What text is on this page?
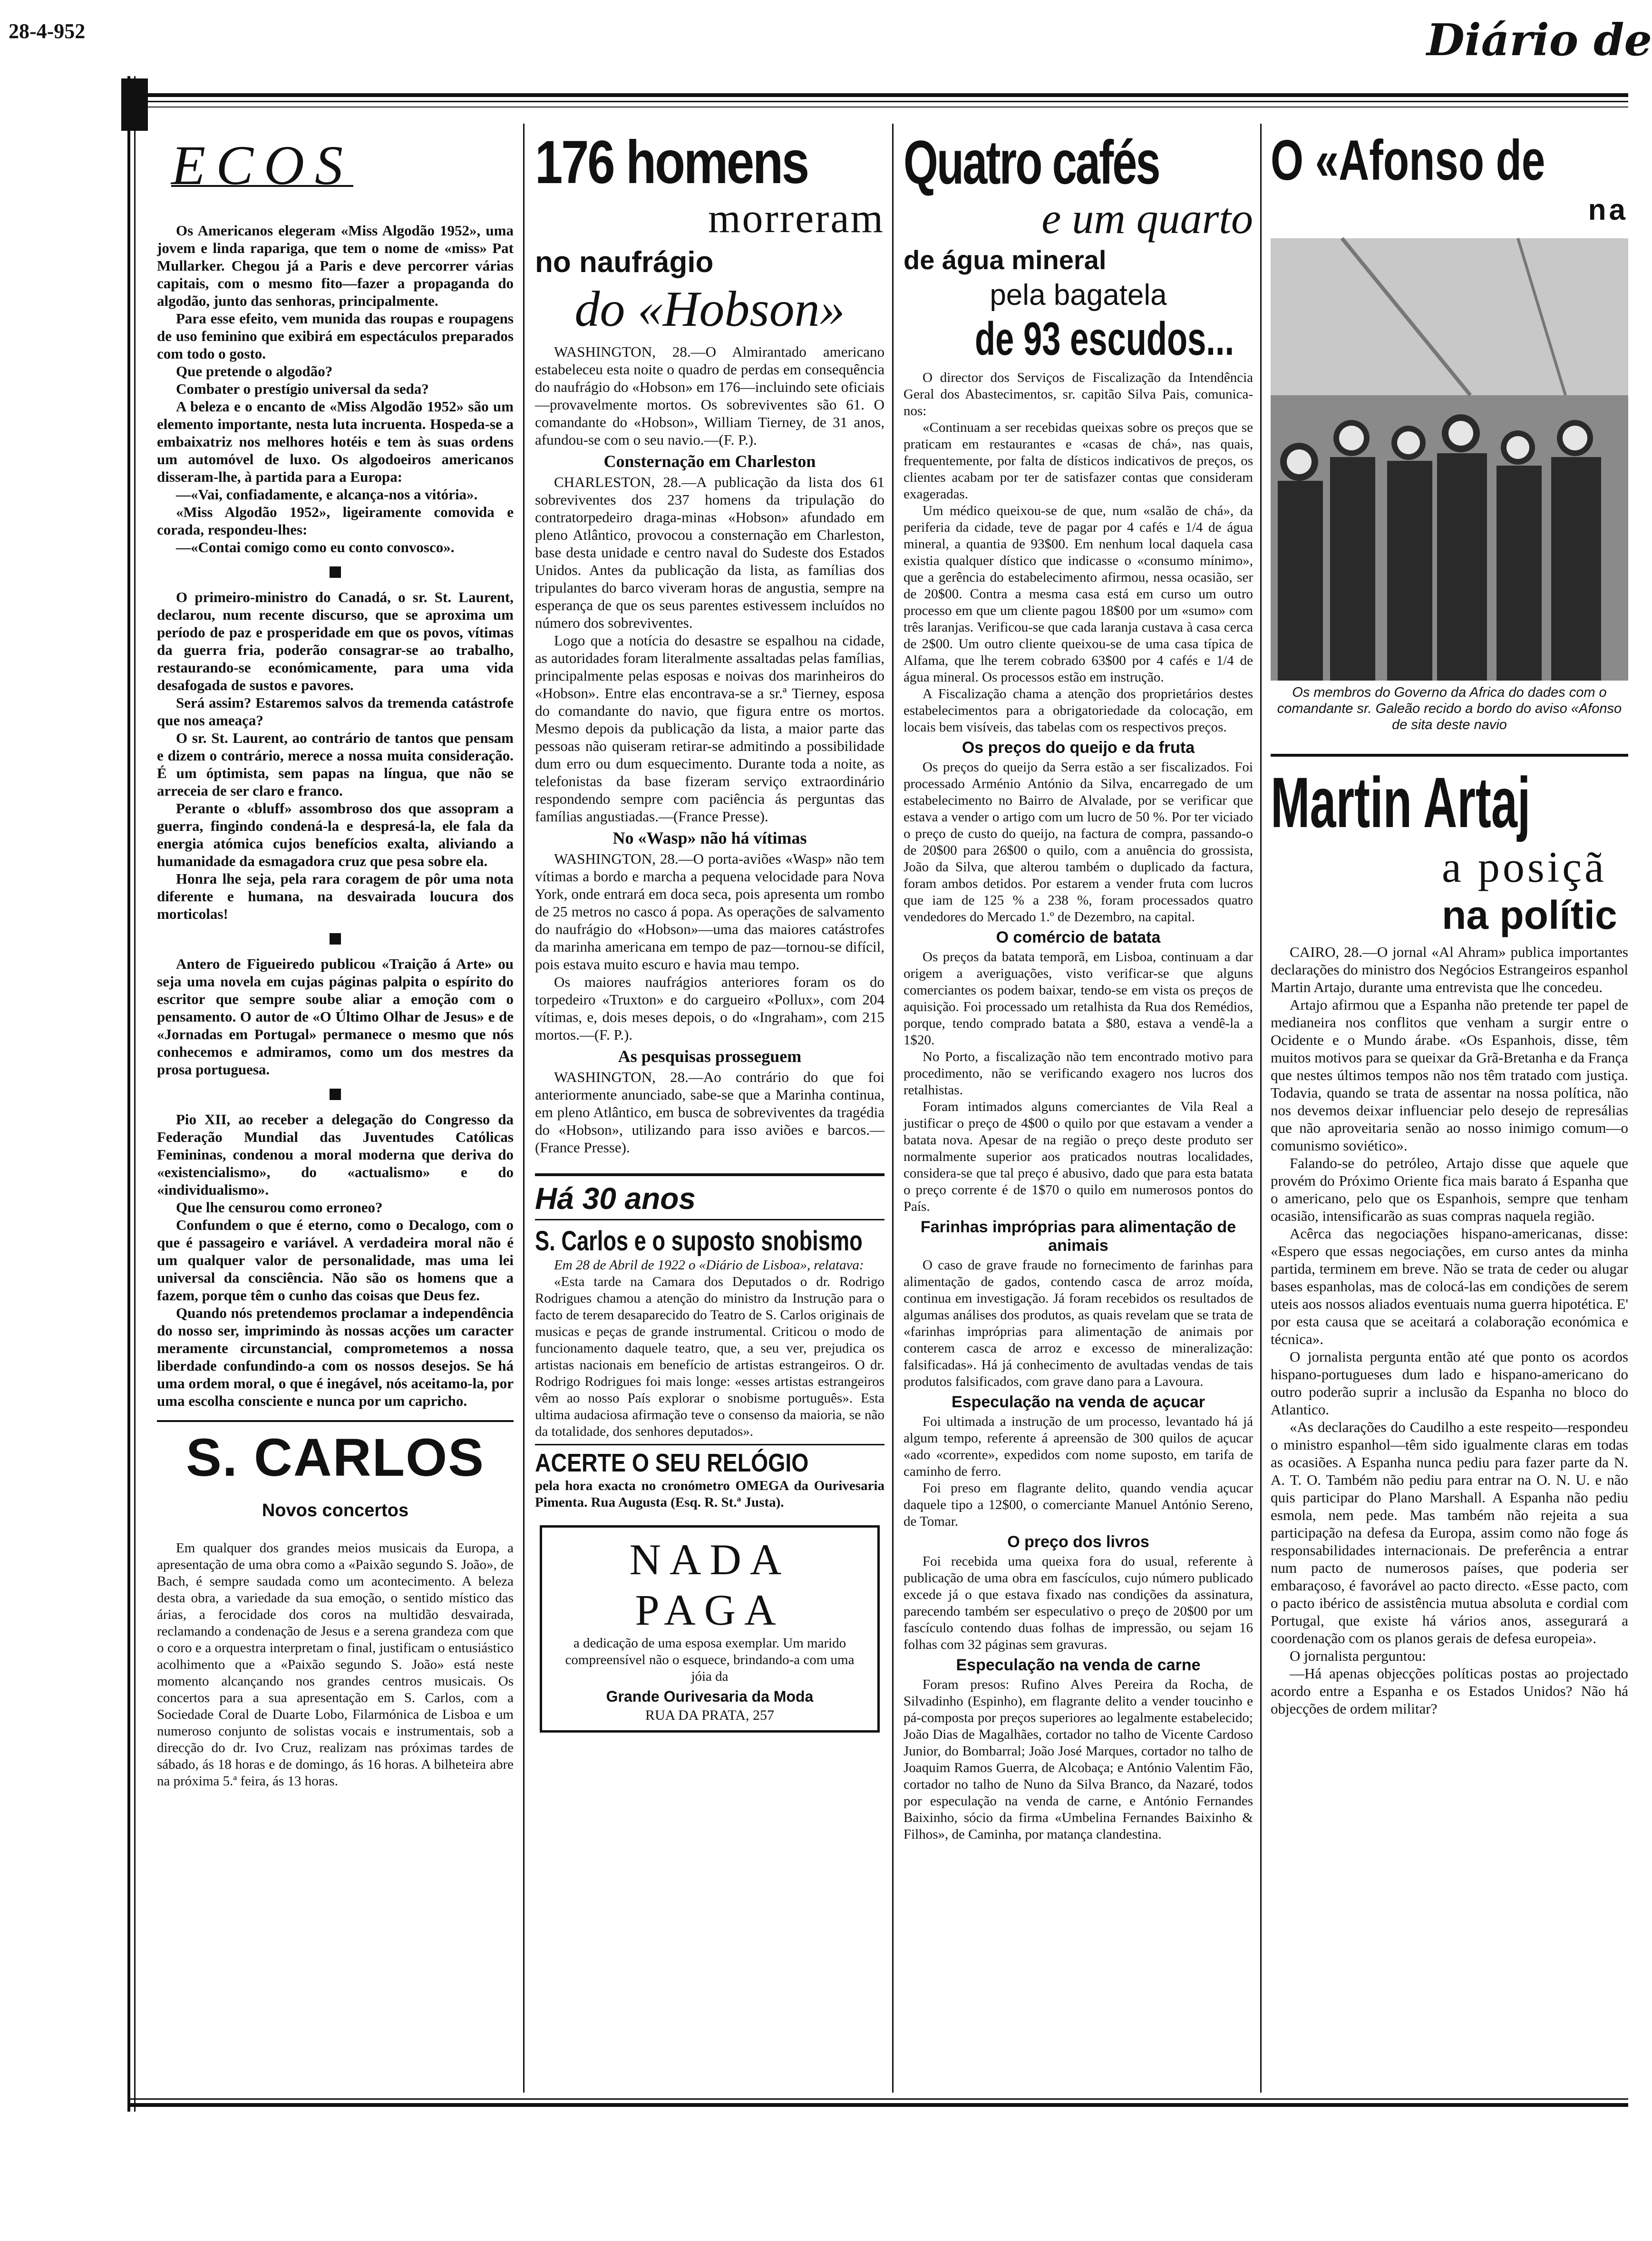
28-4-952	Diário de
ECOS

Os Americanos elegeram «Miss Algodão 1952», uma jovem e linda rapariga, que tem o nome de «miss» Pat Mullarker. Chegou já a Paris e deve percorrer várias capitais, com o mesmo fito—fazer a propaganda do algodão, junto das senhoras, principalmente.

Para esse efeito, vem munida das roupas e roupagens de uso feminino que exibirá em espectáculos preparados com todo o gosto.

Que pretende o algodão?

Combater o prestígio universal da seda?

A beleza e o encanto de «Miss Algodão 1952» são um elemento importante, nesta luta incruenta. Hospeda-se a embaixatriz nos melhores hotéis e tem às suas ordens um automóvel de luxo. Os algodoeiros americanos disseram-lhe, à partida para a Europa:

—«Vai, confiadamente, e alcança-nos a vitória».

«Miss Algodão 1952», ligeiramente comovida e corada, respondeu-lhes:

—«Contai comigo como eu conto convosco».

O primeiro-ministro do Canadá, o sr. St. Laurent, declarou, num recente discurso, que se aproxima um período de paz e prosperidade em que os povos, vítimas da guerra fria, poderão consagrar-se ao trabalho, restaurando-se económicamente, para uma vida desafogada de sustos e pavores.

Será assim? Estaremos salvos da tremenda catástrofe que nos ameaça?

O sr. St. Laurent, ao contrário de tantos que pensam e dizem o contrário, merece a nossa muita consideração. É um óptimista, sem papas na língua, que não se arreceia de ser claro e franco.

Perante o «bluff» assombroso dos que assopram a guerra, fingindo condená-la e despresá-la, ele fala da energia atómica cujos benefícios exalta, aliviando a humanidade da esmagadora cruz que pesa sobre ela.

Honra lhe seja, pela rara coragem de pôr uma nota diferente e humana, na desvairada loucura dos morticolas!

Antero de Figueiredo publicou «Traição á Arte» ou seja uma novela em cujas páginas palpita o espírito do escritor que sempre soube aliar a emoção com o pensamento. O autor de «O Último Olhar de Jesus» e de «Jornadas em Portugal» permanece o mesmo que nós conhecemos e admiramos, como um dos mestres da prosa portuguesa.

Pio XII, ao receber a delegação do Congresso da Federação Mundial das Juventudes Católicas Femininas, condenou a moral moderna que deriva do «existencialismo», do «actualismo» e do «individualismo».

Que lhe censurou como erroneo?

Confundem o que é eterno, como o Decalogo, com o que é passageiro e variável. A verdadeira moral não é um qualquer valor de personalidade, mas uma lei universal da consciência. Não são os homens que a fazem, porque têm o cunho das coisas que Deus fez.

Quando nós pretendemos proclamar a independência do nosso ser, imprimindo às nossas acções um caracter meramente circunstancial, comprometemos a nossa liberdade confundindo-a com os nossos desejos. Se há uma ordem moral, o que é inegável, nós aceitamo-la, por uma escolha consciente e nunca por um capricho.

S. CARLOS
Novos concertos

Em qualquer dos grandes meios musicais da Europa, a apresentação de uma obra como a «Paixão segundo S. João», de Bach, é sempre saudada como um acontecimento. A beleza desta obra, a variedade da sua emoção, o sentido místico das árias, a ferocidade dos coros na multidão desvairada, reclamando a condenação de Jesus e a serena grandeza com que o coro e a orquestra interpretam o final, justificam o entusiástico acolhimento que a «Paixão segundo S. João» está neste momento alcançando nos grandes centros musicais. Os concertos para a sua apresentação em S. Carlos, com a Sociedade Coral de Duarte Lobo, Filarmónica de Lisboa e um numeroso conjunto de solistas vocais e instrumentais, sob a direcção do dr. Ivo Cruz, realizam nas próximas tardes de sábado, ás 18 horas e de domingo, ás 16 horas. A bilheteira abre na próxima 5.ª feira, ás 13 horas.

176 homens
morreram
no naufrágio
do «Hobson»

WASHINGTON, 28.—O Almirantado americano estabeleceu esta noite o quadro de perdas em consequência do naufrágio do «Hobson» em 176—incluindo sete oficiais—provavelmente mortos. Os sobreviventes são 61. O comandante do «Hobson», William Tierney, de 31 anos, afundou-se com o seu navio.—(F. P.).

Consternação em Charleston

CHARLESTON, 28.—A publicação da lista dos 61 sobreviventes dos 237 homens da tripulação do contratorpedeiro draga-minas «Hobson» afundado em pleno Atlântico, provocou a consternação em Charleston, base desta unidade e centro naval do Sudeste dos Estados Unidos. Antes da publicação da lista, as famílias dos tripulantes do barco viveram horas de angustia, sempre na esperança de que os seus parentes estivessem incluídos no número dos sobreviventes.

Logo que a notícia do desastre se espalhou na cidade, as autoridades foram literalmente assaltadas pelas famílias, principalmente pelas esposas e noivas dos marinheiros do «Hobson». Entre elas encontrava-se a sr.ª Tierney, esposa do comandante do navio, que figura entre os mortos. Mesmo depois da publicação da lista, a maior parte das pessoas não quiseram retirar-se admitindo a possibilidade dum erro ou dum esquecimento. Durante toda a noite, as telefonistas da base fizeram serviço extraordinário respondendo sempre com paciência ás perguntas das famílias angustiadas.—(France Presse).

No «Wasp» não há vítimas

WASHINGTON, 28.—O porta-aviões «Wasp» não tem vítimas a bordo e marcha a pequena velocidade para Nova York, onde entrará em doca seca, pois apresenta um rombo de 25 metros no casco á popa. As operações de salvamento do naufrágio do «Hobson»—uma das maiores catástrofes da marinha americana em tempo de paz—tornou-se difícil, pois estava muito escuro e havia mau tempo.

Os maiores naufrágios anteriores foram os do torpedeiro «Truxton» e do cargueiro «Pollux», com 204 vítimas, e, dois meses depois, o do «Ingraham», com 215 mortos.—(F. P.).

As pesquisas prosseguem

WASHINGTON, 28.—Ao contrário do que foi anteriormente anunciado, sabe-se que a Marinha continua, em pleno Atlântico, em busca de sobreviventes da tragédia do «Hobson», utilizando para isso aviões e barcos.—(France Presse).

Há 30 anos
S. Carlos e o suposto snobismo

Em 28 de Abril de 1922 o «Diário de Lisboa», relatava:

«Esta tarde na Camara dos Deputados o dr. Rodrigo Rodrigues chamou a atenção do ministro da Instrução para o facto de terem desaparecido do Teatro de S. Carlos originais de musicas e peças de grande instrumental. Criticou o modo de funcionamento daquele teatro, que, a seu ver, prejudica os artistas nacionais em benefício de artistas estrangeiros. O dr. Rodrigo Rodrigues foi mais longe: «esses artistas estrangeiros vêm ao nosso País explorar o snobisme português». Esta ultima audaciosa afirmação teve o consenso da maioria, se não da totalidade, dos senhores deputados».

ACERTE O SEU RELÓGIO

pela hora exacta no cronómetro OMEGA da Ourivesaria Pimenta. Rua Augusta (Esq. R. St.ª Justa).

NADA PAGA

a dedicação de uma esposa exemplar. Um marido compreensível não o esquece, brindando-a com uma jóia da

Grande Ourivesaria da Moda
RUA DA PRATA, 257
Quatro cafés
e um quarto
de água mineral
pela bagatela
de 93 escudos...

O director dos Serviços de Fiscalização da Intendência Geral dos Abastecimentos, sr. capitão Silva Pais, comunica-nos:

«Continuam a ser recebidas queixas sobre os preços que se praticam em restaurantes e «casas de chá», nas quais, frequentemente, por falta de dísticos indicativos de preços, os clientes acabam por ter de satisfazer contas que consideram exageradas.

Um médico queixou-se de que, num «salão de chá», da periferia da cidade, teve de pagar por 4 cafés e 1/4 de água mineral, a quantia de 93$00. Em nenhum local daquela casa existia qualquer dístico que indicasse o «consumo mínimo», que a gerência do estabelecimento afirmou, nessa ocasião, ser de 20$00. Contra a mesma casa está em curso um outro processo em que um cliente pagou 18$00 por um «sumo» com três laranjas. Verificou-se que cada laranja custava à casa cerca de 2$00. Um outro cliente queixou-se de uma casa típica de Alfama, que lhe terem cobrado 63$00 por 4 cafés e 1/4 de água mineral. Os processos estão em instrução.

A Fiscalização chama a atenção dos proprietários destes estabelecimentos para a obrigatoriedade da colocação, em locais bem visíveis, das tabelas com os respectivos preços.

Os preços do queijo e da fruta

Os preços do queijo da Serra estão a ser fiscalizados. Foi processado Arménio António da Silva, encarregado de um estabelecimento no Bairro de Alvalade, por se verificar que estava a vender o artigo com um lucro de 50 %. Por ter viciado o preço de custo do queijo, na factura de compra, passando-o de 20$00 para 26$00 o quilo, com a anuência do grossista, João da Silva, que alterou também o duplicado da factura, foram ambos detidos. Por estarem a vender fruta com lucros que iam de 125 % a 238 %, foram processados quatro vendedores do Mercado 1.º de Dezembro, na capital.

O comércio de batata

Os preços da batata temporã, em Lisboa, continuam a dar origem a averiguações, visto verificar-se que alguns comerciantes os podem baixar, tendo-se em vista os preços de aquisição. Foi processado um retalhista da Rua dos Remédios, porque, tendo comprado batata a $80, estava a vendê-la a 1$20.

No Porto, a fiscalização não tem encontrado motivo para procedimento, não se verificando exagero nos lucros dos retalhistas.

Foram intimados alguns comerciantes de Vila Real a justificar o preço de 4$00 o quilo por que estavam a vender a batata nova. Apesar de na região o preço deste produto ser normalmente superior aos praticados noutras localidades, considera-se que tal preço é abusivo, dado que para esta batata o preço corrente é de 1$70 o quilo em numerosos pontos do País.

Farinhas impróprias para alimentação de animais

O caso de grave fraude no fornecimento de farinhas para alimentação de gados, contendo casca de arroz moída, continua em investigação. Já foram recebidos os resultados de algumas análises dos produtos, as quais revelam que se trata de «farinhas impróprias para alimentação de animais por conterem casca de arroz e excesso de mineralização: falsificadas». Há já conhecimento de avultadas vendas de tais produtos falsificados, com grave dano para a Lavoura.

Especulação na venda de açucar

Foi ultimada a instrução de um processo, levantado há já algum tempo, referente á apreensão de 300 quilos de açucar «ado «corrente», expedidos com nome suposto, em tarifa de caminho de ferro.

Foi preso em flagrante delito, quando vendia açucar daquele tipo a 12$00, o comerciante Manuel António Sereno, de Tomar.

O preço dos livros

Foi recebida uma queixa fora do usual, referente à publicação de uma obra em fascículos, cujo número publicado excede já o que estava fixado nas condições da assinatura, parecendo também ser especulativo o preço de 20$00 por um fascículo contendo duas folhas de impressão, ou sejam 16 folhas com 32 páginas sem gravuras.

Especulação na venda de carne

Foram presos: Rufino Alves Pereira da Rocha, de Silvadinho (Espinho), em flagrante delito a vender toucinho e pá-composta por preços superiores ao legalmente estabelecido; João Dias de Magalhães, cortador no talho de Vicente Cardoso Junior, do Bombarral; João José Marques, cortador no talho de Joaquim Ramos Guerra, de Alcobaça; e António Valentim Fão, cortador no talho de Nuno da Silva Branco, da Nazaré, todos por especulação na venda de carne, e António Fernandes Baixinho, sócio da firma «Umbelina Fernandes Baixinho & Filhos», de Caminha, por matança clandestina.

O «Afonso de
na
Os membros do Governo da Africa do dades com o comandante sr. Galeão recido a bordo do aviso «Afonso de sita deste navio
Martin Artaj
a posiçã
na polític

CAIRO, 28.—O jornal «Al Ahram» publica importantes declarações do ministro dos Negócios Estrangeiros espanhol Martin Artajo, durante uma entrevista que lhe concedeu.

Artajo afirmou que a Espanha não pretende ter papel de medianeira nos conflitos que venham a surgir entre o Ocidente e o Mundo árabe. «Os Espanhois, disse, têm muitos motivos para se queixar da Grã-Bretanha e da França que nestes últimos tempos não nos têm tratado com justiça. Todavia, quando se trata de assentar na nossa política, não nos devemos deixar influenciar pelo desejo de represálias que não aproveitaria senão ao nosso inimigo comum—o comunismo soviético».

Falando-se do petróleo, Artajo disse que aquele que provém do Próximo Oriente fica mais barato á Espanha que o americano, pelo que os Espanhois, sempre que tenham ocasião, intensificarão as suas compras naquela região.

Acêrca das negociações hispano-americanas, disse: «Espero que essas negociações, em curso antes da minha partida, terminem em breve. Não se trata de ceder ou alugar bases espanholas, mas de colocá-las em condições de serem uteis aos nossos aliados eventuais numa guerra hipotética. E' por esta causa que se aceitará a colaboração económica e técnica».

O jornalista pergunta então até que ponto os acordos hispano-portugueses dum lado e hispano-americano do outro poderão suprir a inclusão da Espanha no bloco do Atlantico.

«As declarações do Caudilho a este respeito—respondeu o ministro espanhol—têm sido igualmente claras em todas as ocasiões. A Espanha nunca pediu para fazer parte da N. A. T. O. Também não pediu para entrar na O. N. U. e não quis participar do Plano Marshall. A Espanha não pediu esmola, nem pede. Mas também não rejeita a sua participação na defesa da Europa, assim como não foge ás responsabilidades internacionais. De preferência a entrar num pacto de numerosos países, que poderia ser embaraçoso, é favorável ao pacto directo. «Esse pacto, com o pacto ibérico de assistência mutua absoluta e cordial com Portugal, que existe há vários anos, assegurará a coordenação com os planos gerais de defesa europeia».

O jornalista perguntou:

—Há apenas objecções políticas postas ao projectado acordo entre a Espanha e os Estados Unidos? Não há objecções de ordem militar?
